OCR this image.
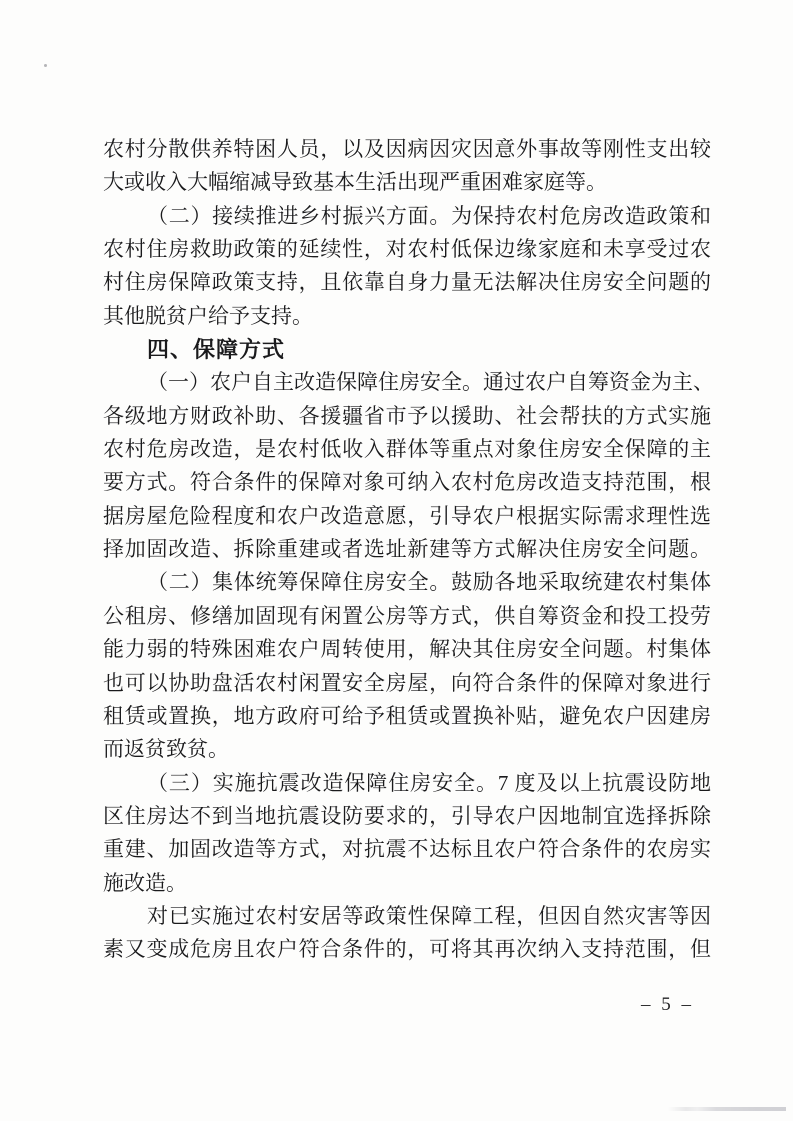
农村分散供养特困人员，以及因病因灾因意外事故等刚性支出较
大或收入大幅缩减导致基本生活出现严重困难家庭等。
（二）接续推进乡村振兴方面。为保持农村危房改造政策和
农村住房救助政策的延续性，对农村低保边缘家庭和未享受过农
村住房保障政策支持，且依靠自身力量无法解决住房安全问题的
其他脱贫户给予支持。
四、保障方式
（一）农户自主改造保障住房安全。通过农户自筹资金为主、
各级地方财政补助、各援疆省市予以援助、社会帮扶的方式实施
农村危房改造，是农村低收入群体等重点对象住房安全保障的主
要方式。符合条件的保障对象可纳入农村危房改造支持范围，根
据房屋危险程度和农户改造意愿，引导农户根据实际需求理性选
择加固改造、拆除重建或者选址新建等方式解决住房安全问题。
（二）集体统筹保障住房安全。鼓励各地采取统建农村集体
公租房、修缮加固现有闲置公房等方式，供自筹资金和投工投劳
能力弱的特殊困难农户周转使用，解决其住房安全问题。村集体
也可以协助盘活农村闲置安全房屋，向符合条件的保障对象进行
租赁或置换，地方政府可给予租赁或置换补贴，避免农户因建房
而返贫致贫。
（三）实施抗震改造保障住房安全。7 度及以上抗震设防地
区住房达不到当地抗震设防要求的，引导农户因地制宜选择拆除
重建、加固改造等方式，对抗震不达标且农户符合条件的农房实
施改造。
对已实施过农村安居等政策性保障工程，但因自然灾害等因
素又变成危房且农户符合条件的，可将其再次纳入支持范围，但
– 5 –
